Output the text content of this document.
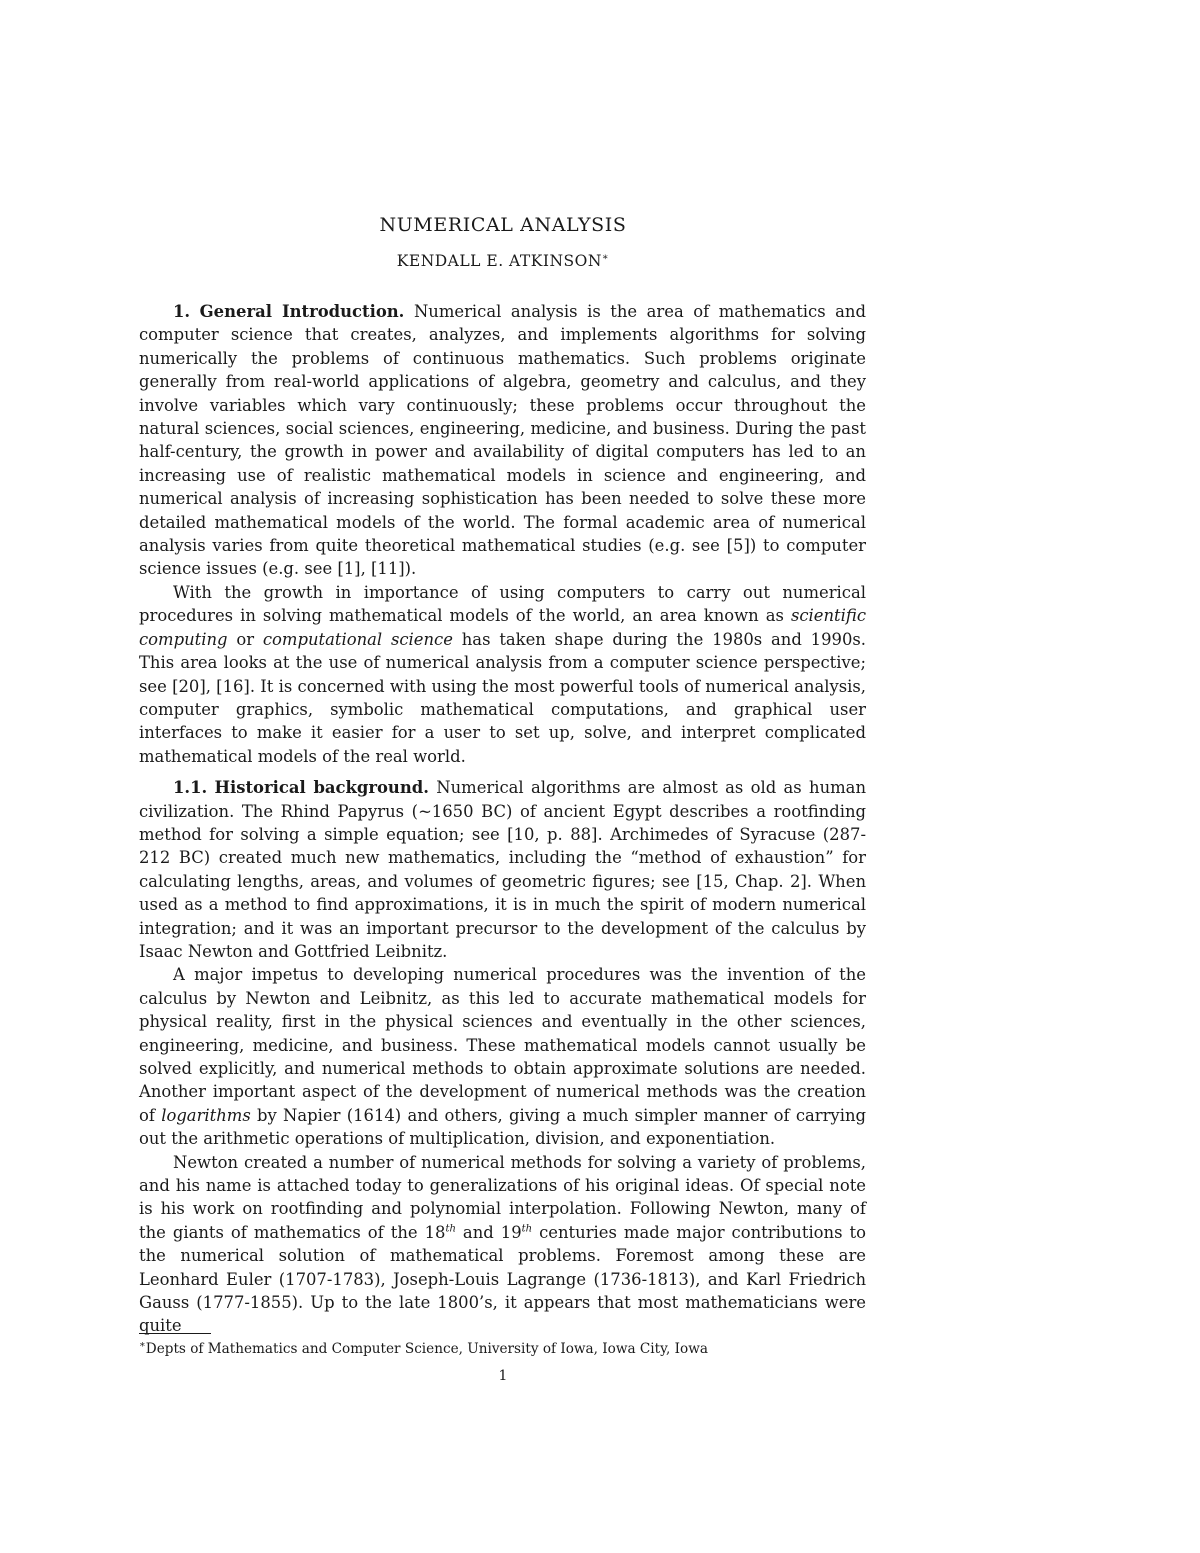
NUMERICAL ANALYSIS
KENDALL E. ATKINSON∗

1. General Introduction. Numerical analysis is the area of mathematics and computer science that creates, analyzes, and implements algorithms for solving numerically the problems of continuous mathematics. Such problems originate generally from real-world applications of algebra, geometry and calculus, and they involve variables which vary continuously; these problems occur throughout the natural sciences, social sciences, engineering, medicine, and business. During the past half-century, the growth in power and availability of digital computers has led to an increasing use of realistic mathematical models in science and engineering, and numerical analysis of increasing sophistication has been needed to solve these more detailed mathematical models of the world. The formal academic area of numerical analysis varies from quite theoretical mathematical studies (e.g. see [5]) to computer science issues (e.g. see [1], [11]).

With the growth in importance of using computers to carry out numerical procedures in solving mathematical models of the world, an area known as scientific computing or computational science has taken shape during the 1980s and 1990s. This area looks at the use of numerical analysis from a computer science perspective; see [20], [16]. It is concerned with using the most powerful tools of numerical analysis, computer graphics, symbolic mathematical computations, and graphical user interfaces to make it easier for a user to set up, solve, and interpret complicated mathematical models of the real world.

1.1. Historical background. Numerical algorithms are almost as old as human civilization. The Rhind Papyrus (~1650 BC) of ancient Egypt describes a rootfinding method for solving a simple equation; see [10, p. 88]. Archimedes of Syracuse (287-212 BC) created much new mathematics, including the “method of exhaustion” for calculating lengths, areas, and volumes of geometric figures; see [15, Chap. 2]. When used as a method to find approximations, it is in much the spirit of modern numerical integration; and it was an important precursor to the development of the calculus by Isaac Newton and Gottfried Leibnitz.

A major impetus to developing numerical procedures was the invention of the calculus by Newton and Leibnitz, as this led to accurate mathematical models for physical reality, first in the physical sciences and eventually in the other sciences, engineering, medicine, and business. These mathematical models cannot usually be solved explicitly, and numerical methods to obtain approximate solutions are needed. Another important aspect of the development of numerical methods was the creation of logarithms by Napier (1614) and others, giving a much simpler manner of carrying out the arithmetic operations of multiplication, division, and exponentiation.

Newton created a number of numerical methods for solving a variety of problems, and his name is attached today to generalizations of his original ideas. Of special note is his work on rootfinding and polynomial interpolation. Following Newton, many of the giants of mathematics of the 18th and 19th centuries made major contributions to the numerical solution of mathematical problems. Foremost among these are Leonhard Euler (1707-1783), Joseph-Louis Lagrange (1736-1813), and Karl Friedrich Gauss (1777-1855). Up to the late 1800’s, it appears that most mathematicians were quite

∗Depts of Mathematics and Computer Science, University of Iowa, Iowa City, Iowa
1
